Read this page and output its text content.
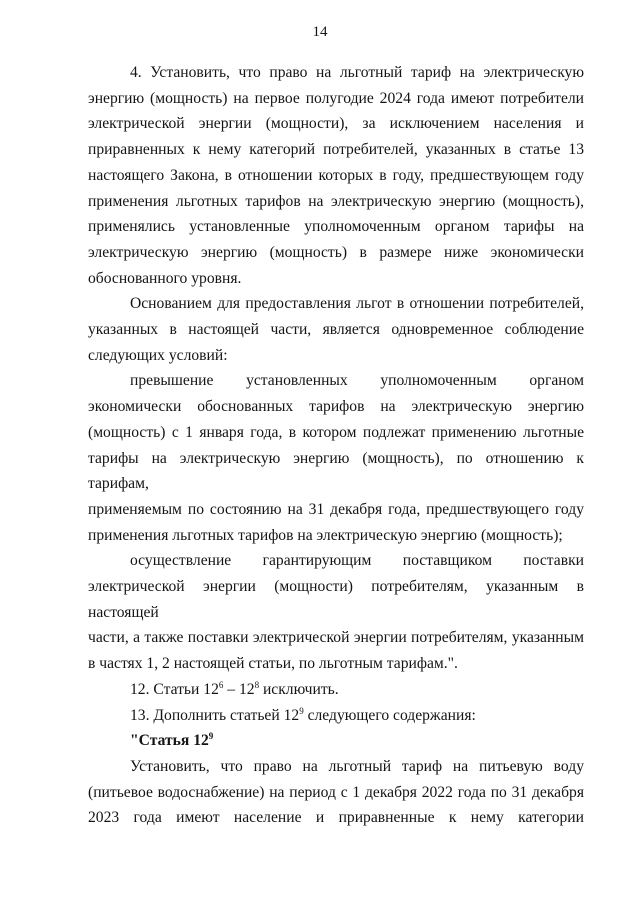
14
4. Установить, что право на льготный тариф на электрическую
энергию (мощность) на первое полугодие 2024 года имеют потребители
электрической энергии (мощности), за исключением населения и
приравненных к нему категорий потребителей, указанных в статье 13
настоящего Закона, в отношении которых в году, предшествующем году
применения льготных тарифов на электрическую энергию (мощность),
применялись установленные уполномоченным органом тарифы на
электрическую энергию (мощность) в размере ниже экономически
обоснованного уровня.
Основанием для предоставления льгот в отношении потребителей,
указанных в настоящей части, является одновременное соблюдение
следующих условий:
превышение установленных уполномоченным органом
экономически обоснованных тарифов на электрическую энергию
(мощность) с 1 января года, в котором подлежат применению льготные
тарифы на электрическую энергию (мощность), по отношению к тарифам,
применяемым по состоянию на 31 декабря года, предшествующего году
применения льготных тарифов на электрическую энергию (мощность);
осуществление гарантирующим поставщиком поставки
электрической энергии (мощности) потребителям, указанным в настоящей
части, а также поставки электрической энергии потребителям, указанным
в частях 1, 2 настоящей статьи, по льготным тарифам.".
12. Статьи $12^6 - 12^8$ исключить.
13. Дополнить статьей $12^9$ следующего содержания:
"Статья $12^9$
Установить, что право на льготный тариф на питьевую воду
(питьевое водоснабжение) на период с 1 декабря 2022 года по 31 декабря
2023 года имеют население и приравненные к нему категории
